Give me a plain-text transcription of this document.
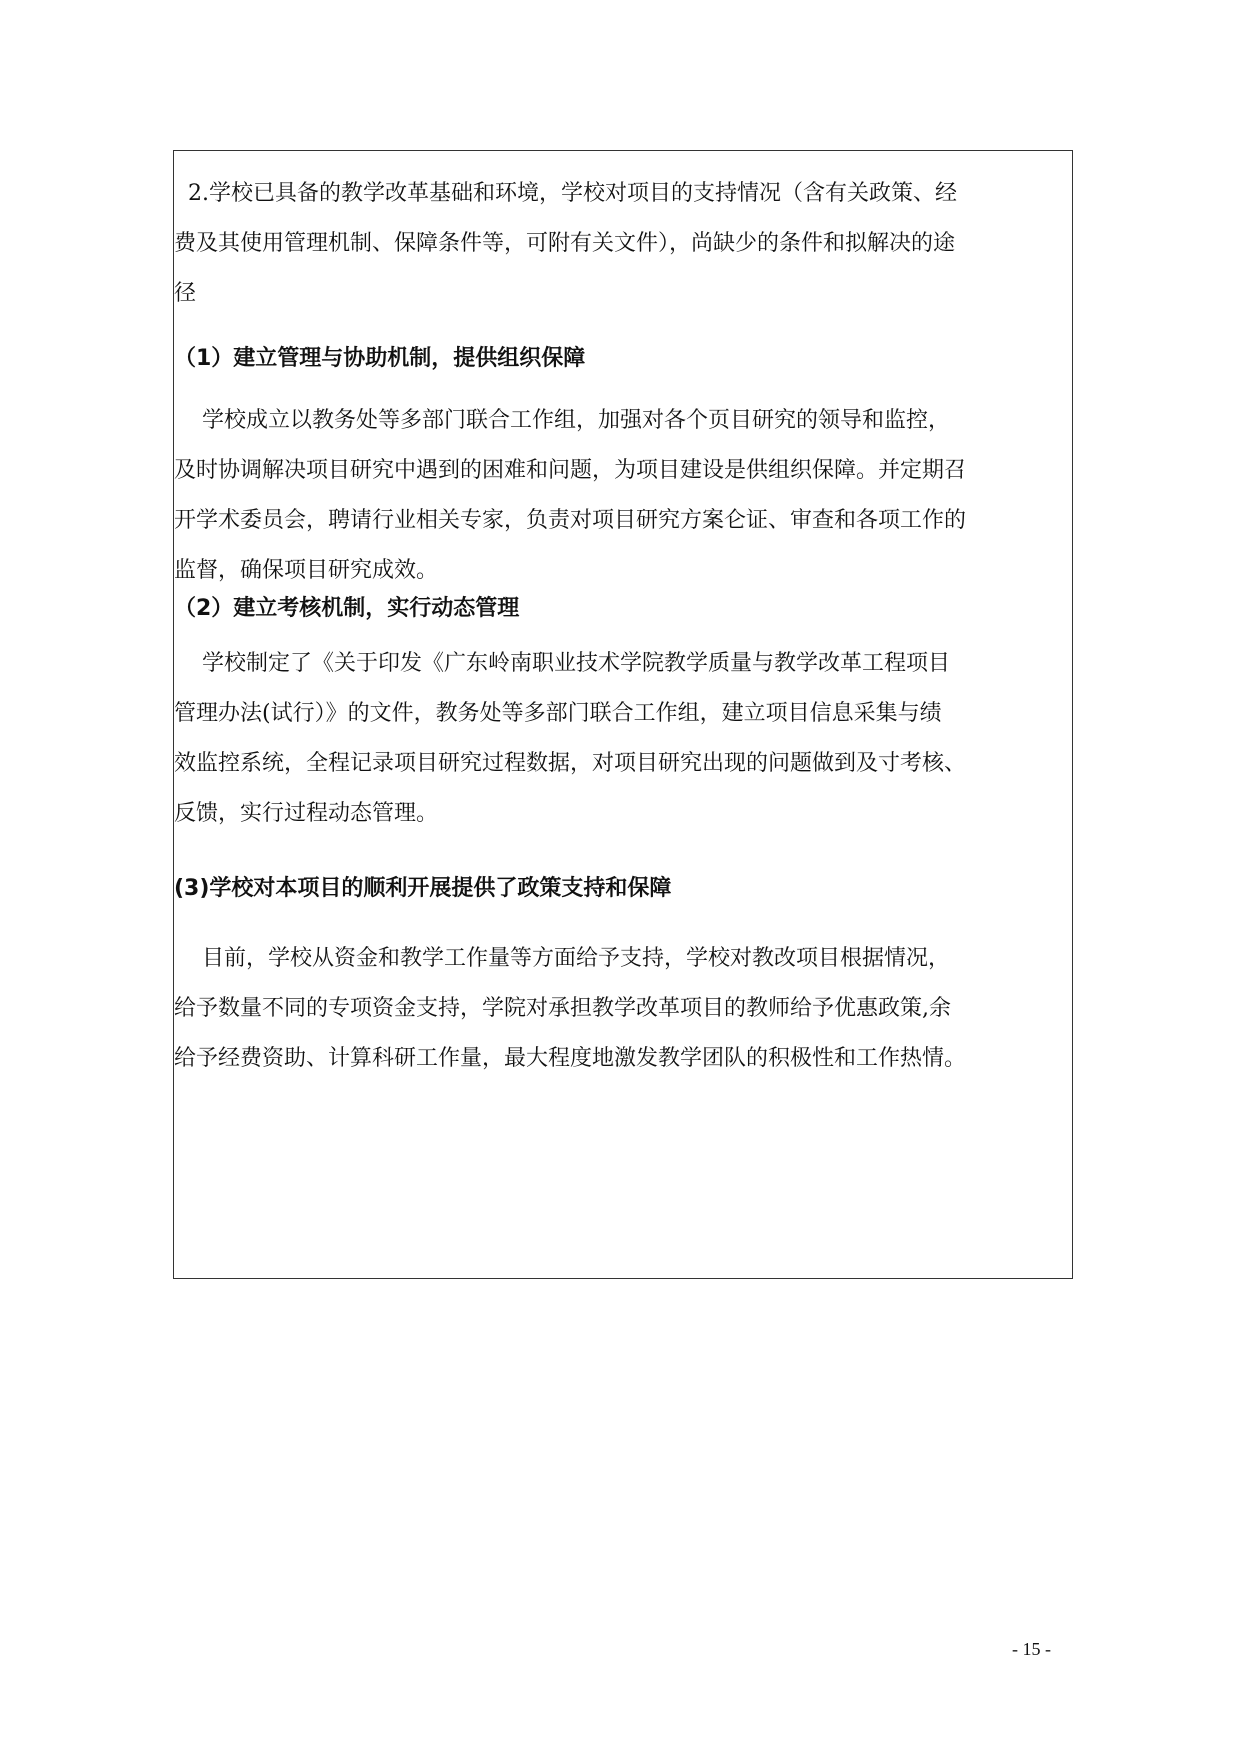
2.学校已具备的教学改革基础和环境，学校对项目的支持情况（含有关政策、经
费及其使用管理机制、保障条件等，可附有关文件），尚缺少的条件和拟解决的途
径
（1）建立管理与协助机制，提供组织保障
学校成立以教务处等多部门联合工作组，加强对各个页目研究的领导和监控，
及时协调解决项目研究中遇到的困难和问题，为项目建设是供组织保障。并定期召
开学术委员会，聘请行业相关专家，负责对项目研究方案仑证、审查和各项工作的
监督，确保项目研究成效。
（2）建立考核机制，实行动态管理
学校制定了《关于印发《广东岭南职业技术学院教学质量与教学改革工程项目
管理办法(试行）》的文件，教务处等多部门联合工作组，建立项目信息采集与绩
效监控系统，全程记录项目研究过程数据，对项目研究出现的问题做到及寸考核、
反馈，实行过程动态管理。
(3)学校对本项目的顺利开展提供了政策支持和保障
目前，学校从资金和教学工作量等方面给予支持，学校对教改项目根据情况，
给予数量不同的专项资金支持，学院对承担教学改革项目的教师给予优惠政策,余
给予经费资助、计算科研工作量，最大程度地激发教学团队的积极性和工作热情。
- 15 -
